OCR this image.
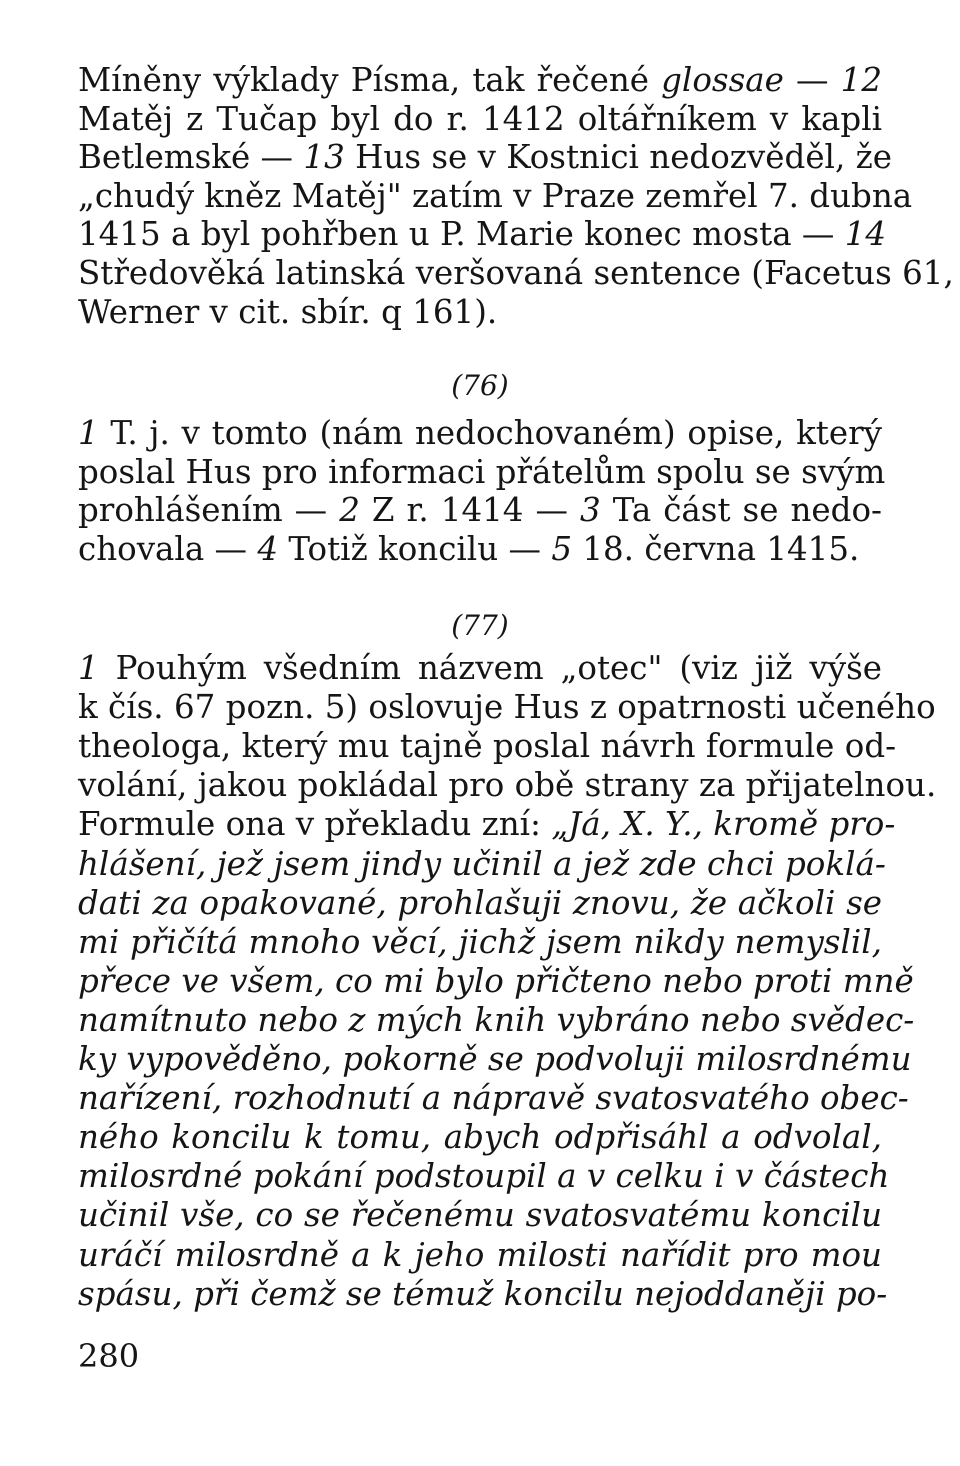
Míněny výklady Písma, tak řečené glossae — 12
Matěj z Tučap byl do r. 1412 oltářníkem v kapli
Betlemské — 13 Hus se v Kostnici nedozvěděl, že
„chudý kněz Matěj" zatím v Praze zemřel 7. dubna
1415 a byl pohřben u P. Marie konec mosta — 14
Středověká latinská veršovaná sentence (Facetus 61,
Werner v cit. sbír. q 161).
(76)
1 T. j. v tomto (nám nedochovaném) opise, který
poslal Hus pro informaci přátelům spolu se svým
prohlášením — 2 Z r. 1414 — 3 Ta část se nedo-
chovala — 4 Totiž koncilu — 5 18. června 1415.
(77)
1 Pouhým všedním názvem „otec" (viz již výše
k čís. 67 pozn. 5) oslovuje Hus z opatrnosti učeného
theologa, který mu tajně poslal návrh formule od-
volání, jakou pokládal pro obě strany za přijatelnou.
Formule ona v překladu zní: „Já, X. Y., kromě pro-
hlášení, jež jsem jindy učinil a jež zde chci poklá-
dati za opakované, prohlašuji znovu, že ačkoli se
mi přičítá mnoho věcí, jichž jsem nikdy nemyslil,
přece ve všem, co mi bylo přičteno nebo proti mně
namítnuto nebo z mých knih vybráno nebo svědec-
ky vypověděno, pokorně se podvoluji milosrdnému
nařízení, rozhodnutí a nápravě svatosvatého obec-
ného koncilu k tomu, abych odpřisáhl a odvolal,
milosrdné pokání podstoupil a v celku i v částech
učinil vše, co se řečenému svatosvatému koncilu
uráčí milosrdně a k jeho milosti nařídit pro mou
spásu, při čemž se témuž koncilu nejoddaněji po-
280
